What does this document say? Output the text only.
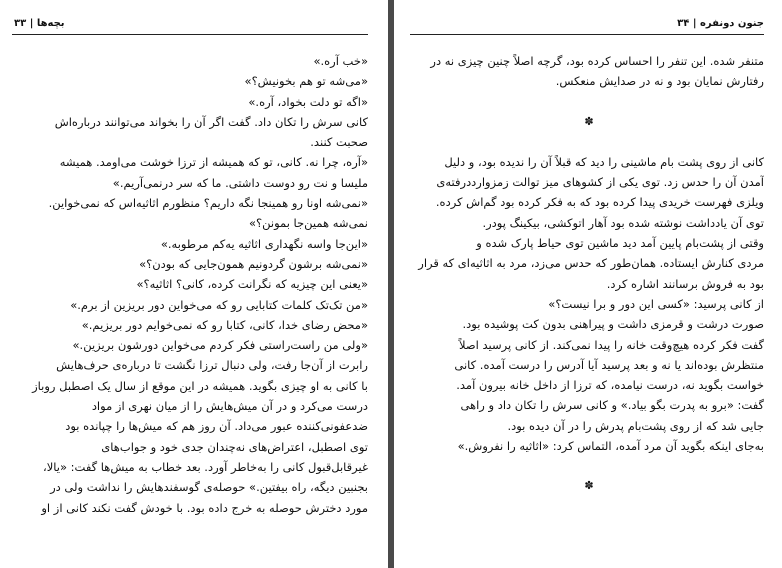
بچه‌ها | ۳۳

«خب آره.»

«می‌شه تو هم بخونیش؟»

«اگه تو دلت بخواد، آره.»

کانی سرش را تکان داد. گفت اگر آن را بخواند می‌توانند درباره‌اش

صحبت کنند.

«آره، چرا نه. کانی، تو که همیشه از ترزا خوشت می‌اومد. همیشه

ملیسا و نت رو دوست داشتی. ما که سر درنمی‌آریم.»

«نمی‌شه اونا رو همینجا نگه داریم؟ منظورم اثاثیه‌اس که نمی‌خواین.

نمی‌شه همین‌جا بمونن؟»

«این‌جا واسه نگهداری اثاثیه یه‌کم مرطوبه.»

«نمی‌شه برشون گردونیم همون‌جایی که بودن؟»

«یعنی این چیزیه که نگرانت کرده، کانی؟ اثاثیه؟»

«من تک‌تک کلمات کتابایی رو که می‌خواین دور بریزین از برم.»

«محض رضای خدا، کانی، کتابا رو که نمی‌خوایم دور بریزیم.»

«ولی من راست‌راستی فکر کردم می‌خواین دورشون بریزین.»

رابرت از آن‌جا رفت، ولی دنبال ترزا نگشت تا درباره‌ی حرف‌هایش

با کانی به او چیزی بگوید. همیشه در این موقع از سال یک اصطبل روباز

درست می‌کرد و در آن میش‌هایش را از میان نهری از مواد

ضدعفونی‌کننده عبور می‌داد. آن روز هم که میش‌ها را چپانده بود

توی اصطبل، اعتراض‌های نه‌چندان جدی خود و جواب‌های

غیرقابل‌قبول کانی را به‌خاطر آورد. بعد خطاب به میش‌ها گفت: «یالا،

بجنبین دیگه، راه بیفتین.» حوصله‌ی گوسفندهایش را نداشت ولی در

مورد دخترش حوصله به خرج داده بود. با خودش گفت نکند کانی از او

۳۴ | جنون دونفره

متنفر شده. این تنفر را احساس کرده بود، گرچه اصلاً چنین چیزی نه در

رفتارش نمایان بود و نه در صدایش منعکس.

✽

کانی از روی پشت بام ماشینی را دید که قبلاً آن را ندیده بود، و دلیل

آمدن آن را حدس زد. توی یکی از کشوهای میز توالت زمزوارددرفته‌ی

ویلزی فهرست خریدی پیدا کرده بود که به فکر کرده بود گم‌اش کرده.

توی آن یادداشت نوشته شده بود آهار اتوکشی، بیکینگ پودر.

وقتی از پشت‌بام پایین آمد دید ماشین توی حیاط پارک شده و

مردی کنارش ایستاده. همان‌طور که حدس می‌زد، مرد به اثاثیه‌ای که قرار

بود به فروش برسانند اشاره کرد.

از کانی پرسید: «کسی این دور و برا نیست؟»

صورت درشت و قرمزی داشت و پیراهنی بدون کت پوشیده بود.

گفت فکر کرده هیچ‌وقت خانه را پیدا نمی‌کند. از کانی پرسید اصلاً

منتظرش بوده‌اند یا نه و بعد پرسید آیا آدرس را درست آمده. کانی

خواست بگوید نه، درست نیامده، که ترزا از داخل خانه بیرون آمد.

گفت: «برو به پدرت بگو بیاد.» و کانی سرش را تکان داد و راهی

جایی شد که از روی پشت‌بام پدرش را در آن دیده بود.

به‌جای اینکه بگوید آن مرد آمده، التماس کرد: «اثاثیه را نفروش.»

✽
